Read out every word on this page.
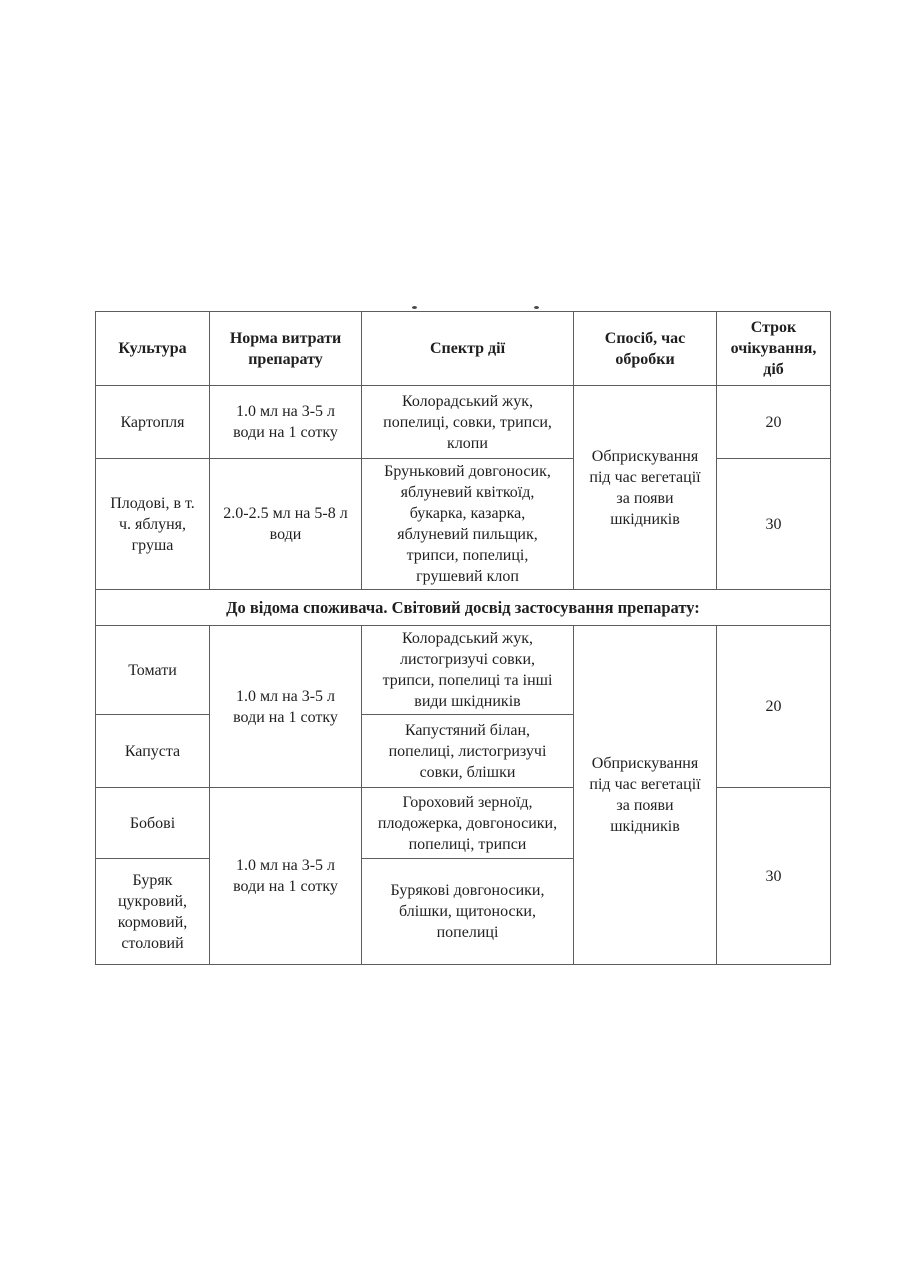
Культура	Норма витрати препарату	Спектр дії	Спосіб, час обробки	Строк очікування, діб
Картопля	1.0 мл на 3-5 л води на 1 сотку	Колорадський жук, попелиці, совки, трипси, клопи	Обприскування під час вегетації за появи шкідників	20
Плодові, в т. ч. яблуня, груша	2.0-2.5 мл на 5-8 л води	Бруньковий довгоносик, яблуневий квіткоїд, букарка, казарка, яблуневий пильщик, трипси, попелиці, грушевий клоп		30
До відома споживача. Світовий досвід застосування препарату:				
Томати	1.0 мл на 3-5 л води на 1 сотку	Колорадський жук, листогризучі совки, трипси, попелиці та інші види шкідників	Обприскування під час вегетації за появи шкідників	20
Капуста		Капустяний білан, попелиці, листогризучі совки, блішки		
Бобові	1.0 мл на 3-5 л води на 1 сотку	Гороховий зерноїд, плодожерка, довгоносики, попелиці, трипси		30
Буряк цукровий, кормовий, столовий		Бурякові довгоносики, блішки, щитоноски, попелиці		
